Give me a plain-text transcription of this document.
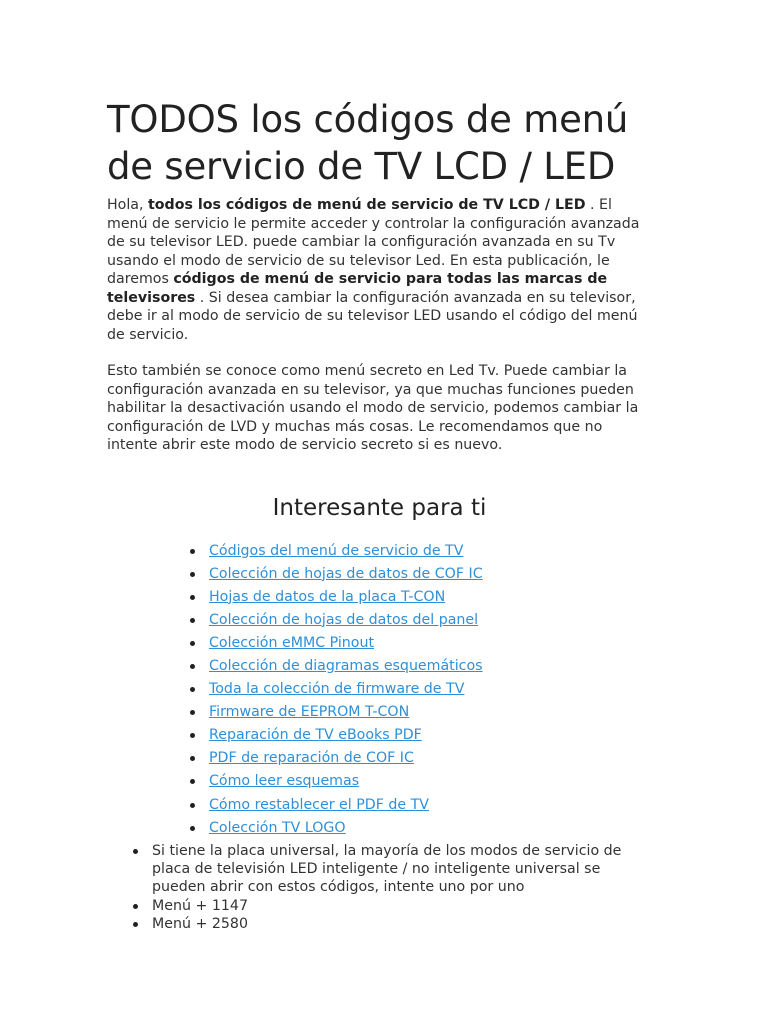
TODOS los códigos de menú de servicio de TV LCD / LED

Hola, todos los códigos de menú de servicio de TV LCD / LED . El menú de servicio le permite acceder y controlar la configuración avanzada de su televisor LED. puede cambiar la configuración avanzada en su Tv usando el modo de servicio de su televisor Led. En esta publicación, le daremos códigos de menú de servicio para todas las marcas de televisores . Si desea cambiar la configuración avanzada en su televisor, debe ir al modo de servicio de su televisor LED usando el código del menú de servicio.

Esto también se conoce como menú secreto en Led Tv. Puede cambiar la configuración avanzada en su televisor, ya que muchas funciones pueden habilitar la desactivación usando el modo de servicio, podemos cambiar la configuración de LVD y muchas más cosas. Le recomendamos que no intente abrir este modo de servicio secreto si es nuevo.

Interesante para ti
Códigos del menú de servicio de TV
Colección de hojas de datos de COF IC
Hojas de datos de la placa T-CON
Colección de hojas de datos del panel
Colección eMMC Pinout
Colección de diagramas esquemáticos
Toda la colección de firmware de TV
Firmware de EEPROM T-CON
Reparación de TV eBooks PDF
PDF de reparación de COF IC
Cómo leer esquemas
Cómo restablecer el PDF de TV
Colección TV LOGO
Si tiene la placa universal, la mayoría de los modos de servicio de placa de televisión LED inteligente / no inteligente universal se pueden abrir con estos códigos, intente uno por uno
Menú + 1147
Menú + 2580
